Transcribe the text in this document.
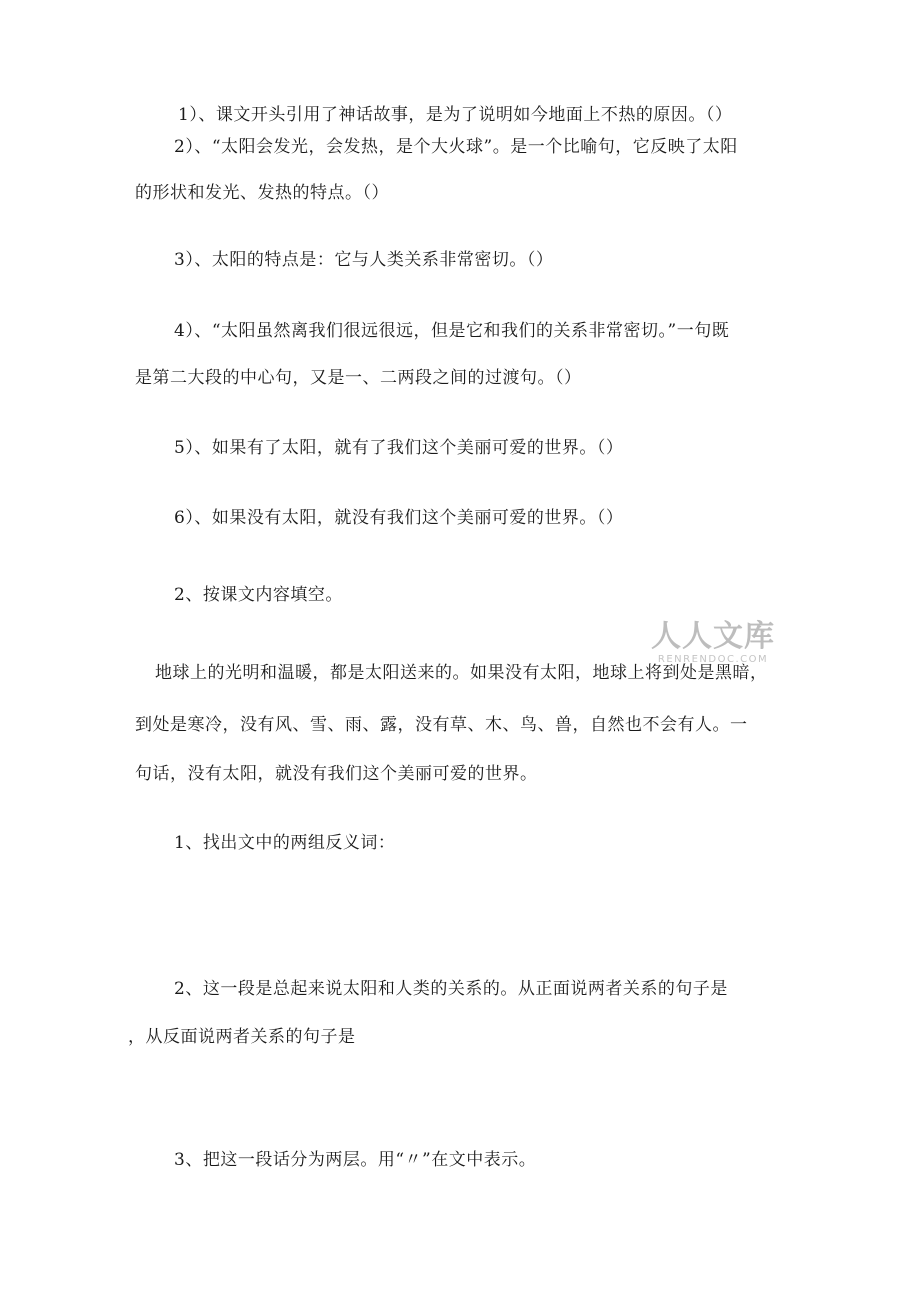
1）、课文开头引用了神话故事，是为了说明如今地面上不热的原因。（）
2）、“太阳会发光，会发热，是个大火球”。是一个比喻句，它反映了太阳
的形状和发光、发热的特点。（）
3）、太阳的特点是：它与人类关系非常密切。（）
4）、“太阳虽然离我们很远很远，但是它和我们的关系非常密切。”一句既
是第二大段的中心句，又是一、二两段之间的过渡句。（）
5）、如果有了太阳，就有了我们这个美丽可爱的世界。（）
6）、如果没有太阳，就没有我们这个美丽可爱的世界。（）
2、按课文内容填空。
人人文库
RENRENDOC.COM
地球上的光明和温暖，都是太阳送来的。如果没有太阳，地球上将到处是黑暗，
到处是寒冷，没有风、雪、雨、露，没有草、木、鸟、兽，自然也不会有人。一
句话，没有太阳，就没有我们这个美丽可爱的世界。
1、找出文中的两组反义词：
2、这一段是总起来说太阳和人类的关系的。从正面说两者关系的句子是
，从反面说两者关系的句子是
3、把这一段话分为两层。用“〃”在文中表示。
